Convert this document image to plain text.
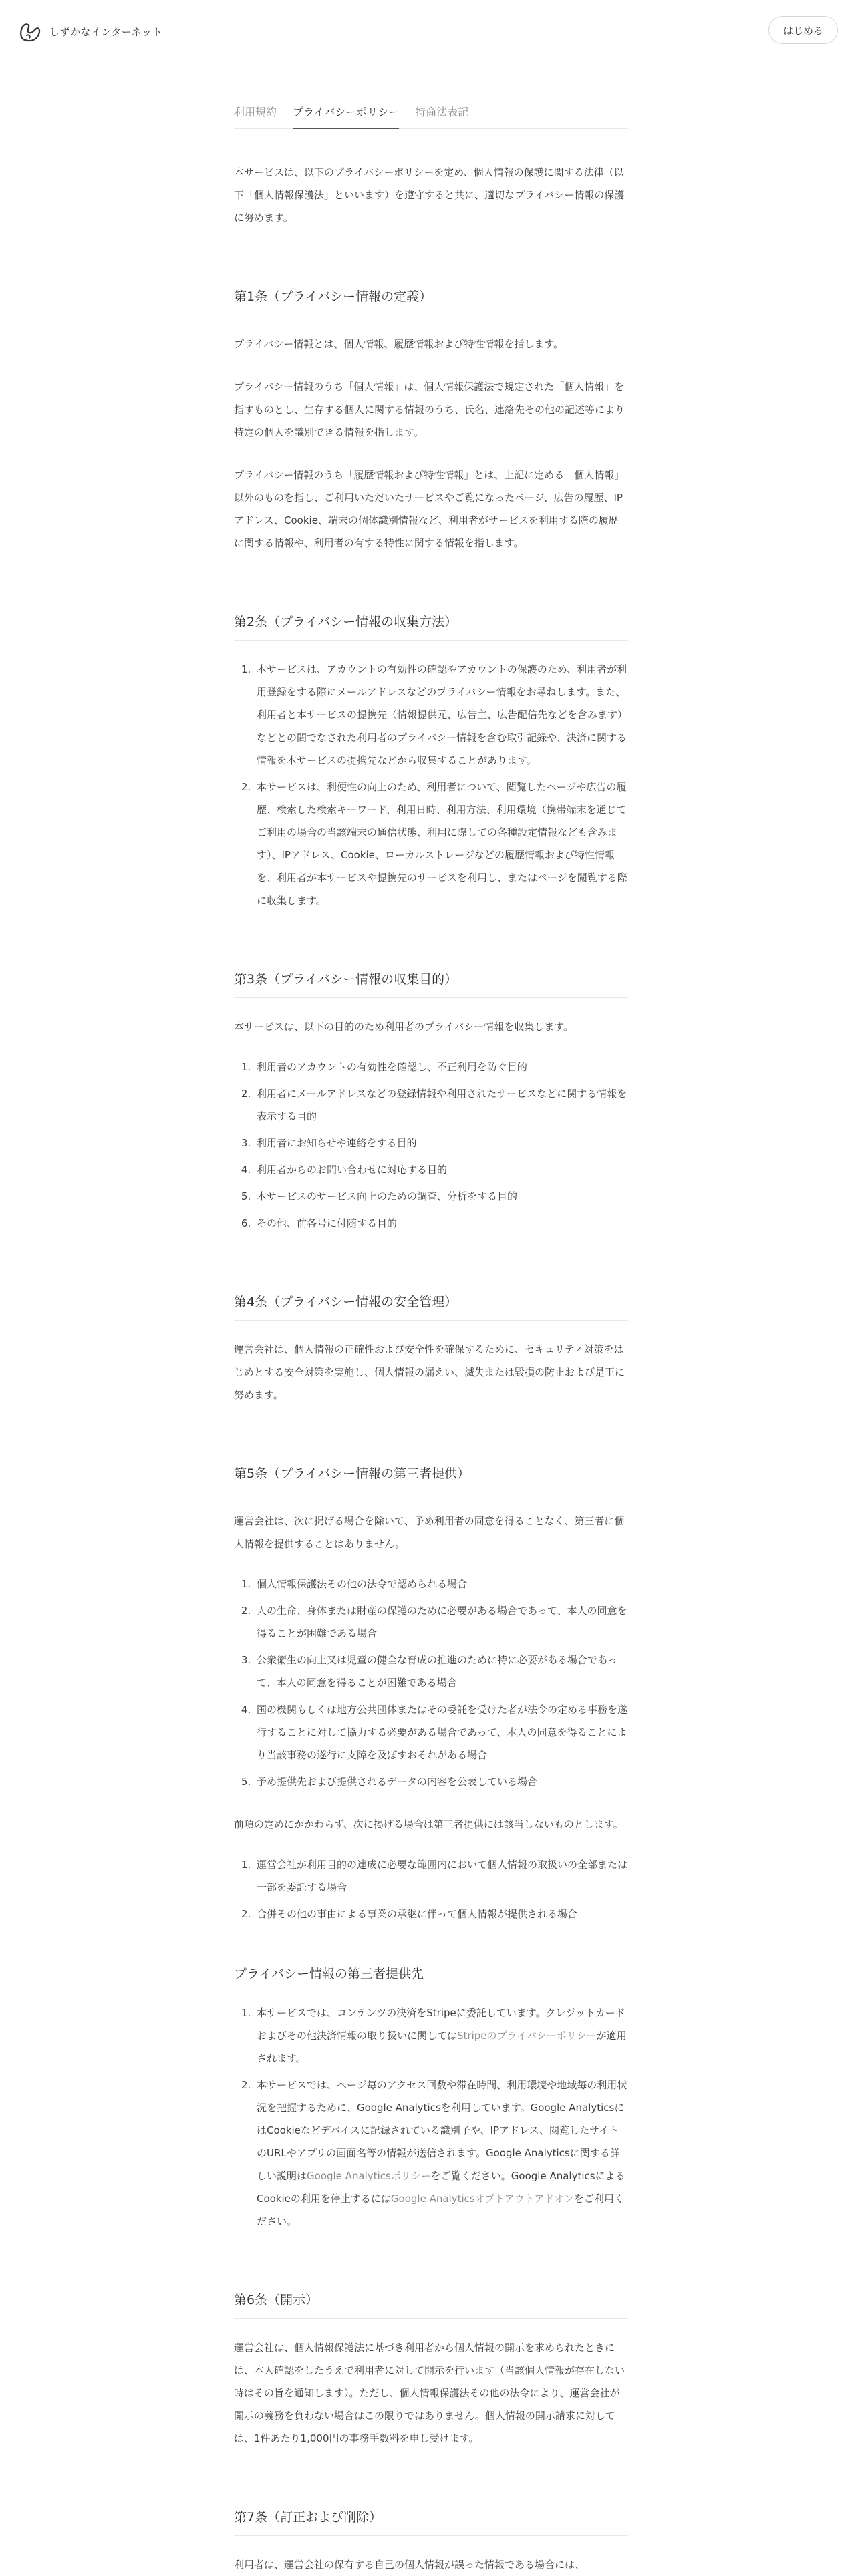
しずかなインターネット	はじめる
利用規約 プライバシーポリシー 特商法表記

本サービスは、以下のプライバシーポリシーを定め、個人情報の保護に関する法律（以下「個人情報保護法」といいます）を遵守すると共に、適切なプライバシー情報の保護に努めます。

第1条（プライバシー情報の定義）

プライバシー情報とは、個人情報、履歴情報および特性情報を指します。

プライバシー情報のうち「個人情報」は、個人情報保護法で規定された「個人情報」を指すものとし、生存する個人に関する情報のうち、氏名、連絡先その他の記述等により特定の個人を識別できる情報を指します。

プライバシー情報のうち「履歴情報および特性情報」とは、上記に定める「個人情報」以外のものを指し、ご利用いただいたサービスやご覧になったページ、広告の履歴、IPアドレス、Cookie、端末の個体識別情報など、利用者がサービスを利用する際の履歴に関する情報や、利用者の有する特性に関する情報を指します。

第2条（プライバシー情報の収集方法）
1. 本サービスは、アカウントの有効性の確認やアカウントの保護のため、利用者が利用登録をする際にメールアドレスなどのプライバシー情報をお尋ねします。また、利用者と本サービスの提携先（情報提供元、広告主、広告配信先などを含みます）などとの間でなされた利用者のプライバシー情報を含む取引記録や、決済に関する情報を本サービスの提携先などから収集することがあります。
2. 本サービスは、利便性の向上のため、利用者について、閲覧したページや広告の履歴、検索した検索キーワード、利用日時、利用方法、利用環境（携帯端末を通じてご利用の場合の当該端末の通信状態、利用に際しての各種設定情報なども含みます）、IPアドレス、Cookie、ローカルストレージなどの履歴情報および特性情報を、利用者が本サービスや提携先のサービスを利用し、またはページを閲覧する際に収集します。
第3条（プライバシー情報の収集目的）

本サービスは、以下の目的のため利用者のプライバシー情報を収集します。

1. 利用者のアカウントの有効性を確認し、不正利用を防ぐ目的
2. 利用者にメールアドレスなどの登録情報や利用されたサービスなどに関する情報を表示する目的
3. 利用者にお知らせや連絡をする目的
4. 利用者からのお問い合わせに対応する目的
5. 本サービスのサービス向上のための調査、分析をする目的
6. その他、前各号に付随する目的
第4条（プライバシー情報の安全管理）

運営会社は、個人情報の正確性および安全性を確保するために、セキュリティ対策をはじめとする安全対策を実施し、個人情報の漏えい、滅失または毀損の防止および是正に努めます。

第5条（プライバシー情報の第三者提供）

運営会社は、次に掲げる場合を除いて、予め利用者の同意を得ることなく、第三者に個人情報を提供することはありません。

1. 個人情報保護法その他の法令で認められる場合
2. 人の生命、身体または財産の保護のために必要がある場合であって、本人の同意を得ることが困難である場合
3. 公衆衛生の向上又は児童の健全な育成の推進のために特に必要がある場合であって、本人の同意を得ることが困難である場合
4. 国の機関もしくは地方公共団体またはその委託を受けた者が法令の定める事務を遂行することに対して協力する必要がある場合であって、本人の同意を得ることにより当該事務の遂行に支障を及ぼすおそれがある場合
5. 予め提供先および提供されるデータの内容を公表している場合

前項の定めにかかわらず、次に掲げる場合は第三者提供には該当しないものとします。

1. 運営会社が利用目的の達成に必要な範囲内において個人情報の取扱いの全部または一部を委託する場合
2. 合併その他の事由による事業の承継に伴って個人情報が提供される場合
プライバシー情報の第三者提供先
1. 本サービスでは、コンテンツの決済をStripeに委託しています。クレジットカードおよびその他決済情報の取り扱いに関してはStripeのプライバシーポリシーが適用されます。
2. 本サービスでは、ページ毎のアクセス回数や滞在時間、利用環境や地域毎の利用状況を把握するために、Google Analyticsを利用しています。Google AnalyticsにはCookieなどデバイスに記録されている識別子や、IPアドレス、閲覧したサイトのURLやアプリの画面名等の情報が送信されます。Google Analyticsに関する詳しい説明はGoogle Analyticsポリシーをご覧ください。Google AnalyticsによるCookieの利用を停止するにはGoogle Analyticsオプトアウトアドオンをご利用ください。
第6条（開示）

運営会社は、個人情報保護法に基づき利用者から個人情報の開示を求められたときには、本人確認をしたうえで利用者に対して開示を行います（当該個人情報が存在しない時はその旨を通知します）。ただし、個人情報保護法その他の法令により、運営会社が開示の義務を負わない場合はこの限りではありません。個人情報の開示請求に対しては、1件あたり1,000円の事務手数料を申し受けます。

第7条（訂正および削除）

利用者は、運営会社の保有する自己の個人情報が誤った情報である場合には、
